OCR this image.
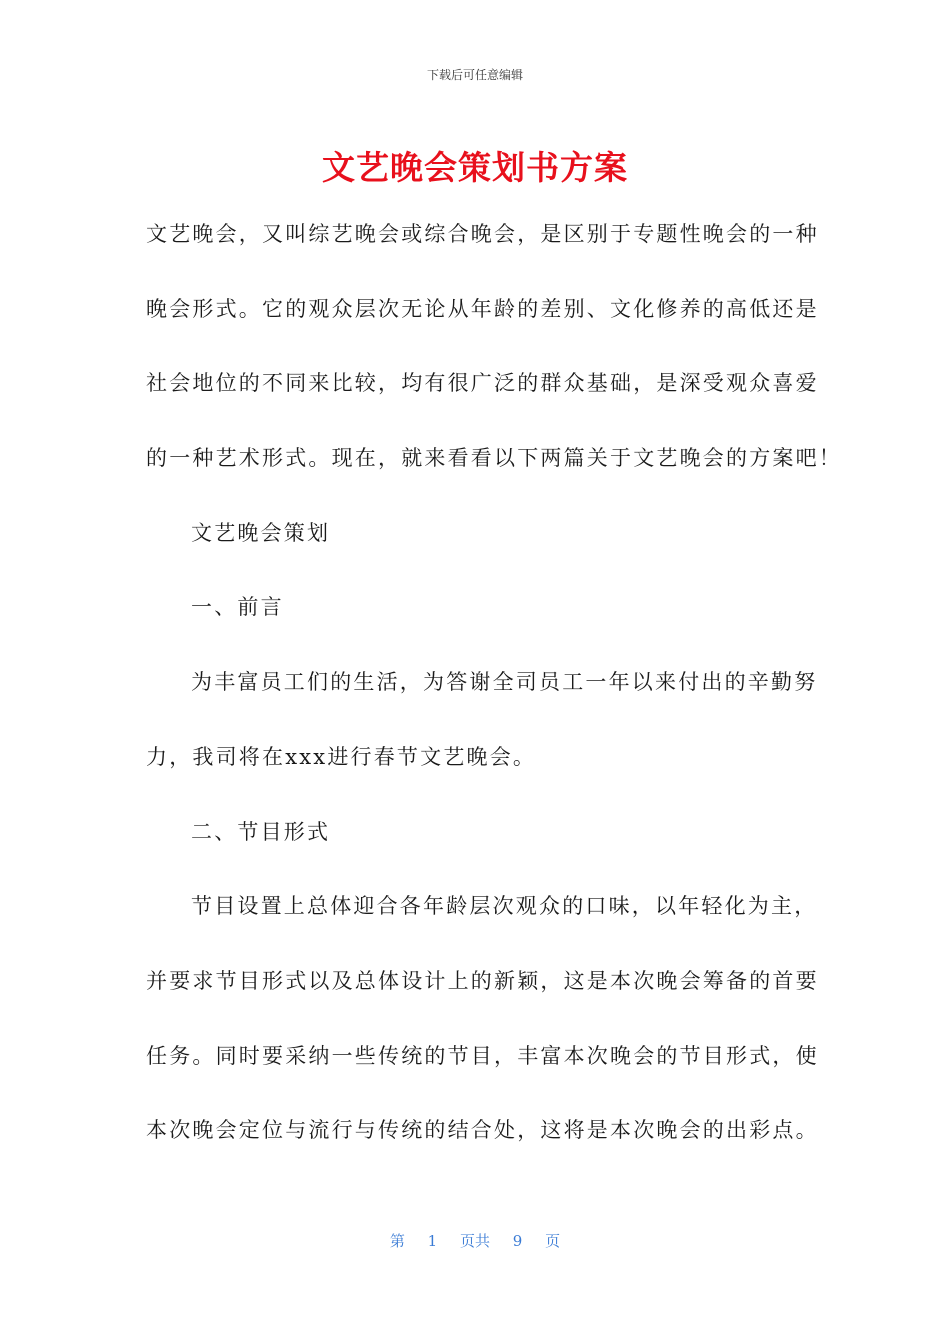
下载后可任意编辑
文艺晚会策划书方案
文艺晚会，又叫综艺晚会或综合晚会，是区别于专题性晚会的一种
晚会形式。它的观众层次无论从年龄的差别、文化修养的高低还是
社会地位的不同来比较，均有很广泛的群众基础，是深受观众喜爱
的一种艺术形式。现在，就来看看以下两篇关于文艺晚会的方案吧！
文艺晚会策划
一、前言
为丰富员工们的生活，为答谢全司员工一年以来付出的辛勤努
力，我司将在xxx进行春节文艺晚会。
二、节目形式
节目设置上总体迎合各年龄层次观众的口味，以年轻化为主，
并要求节目形式以及总体设计上的新颖，这是本次晚会筹备的首要
任务。同时要采纳一些传统的节目，丰富本次晚会的节目形式，使
本次晚会定位与流行与传统的结合处，这将是本次晚会的出彩点。
第 1 页共 9 页
